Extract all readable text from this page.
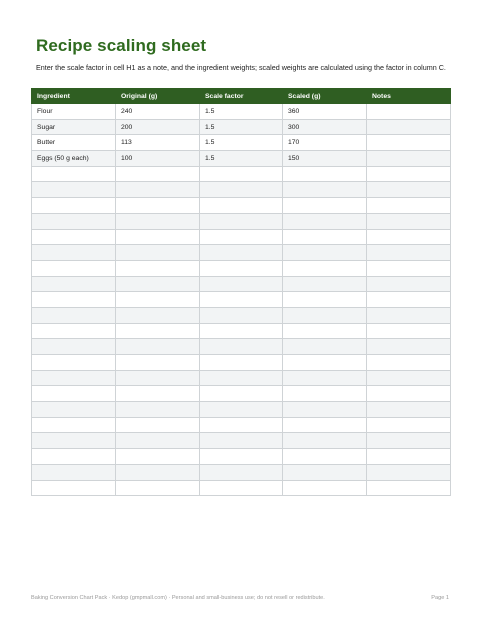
Recipe scaling sheet

Enter the scale factor in cell H1 as a note, and the ingredient weights; scaled weights are calculated using the factor in column C.

Ingredient	Original (g)	Scale factor	Scaled (g)	Notes
Flour	240	1.5	360	
Sugar	200	1.5	300	
Butter	113	1.5	170	
Eggs (50 g each)	100	1.5	150	

Baking Conversion Chart Pack · Kedop (gmpmall.com) · Personal and small-business use; do not resell or redistribute.	Page 1
